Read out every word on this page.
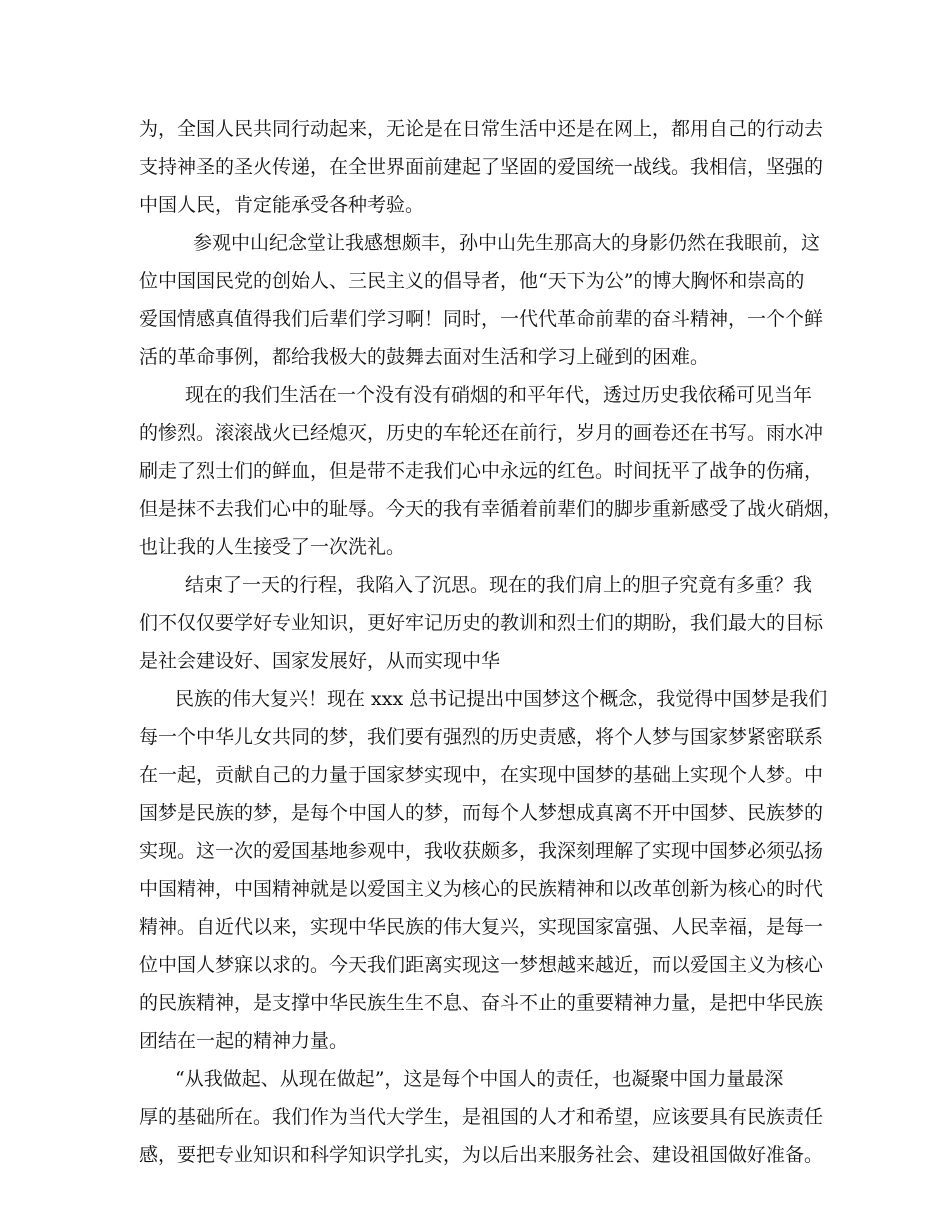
为，全国人民共同行动起来，无论是在日常生活中还是在网上，都用自己的行动去

支持神圣的圣火传递，在全世界面前建起了坚固的爱国统一战线。我相信，坚强的

中国人民，肯定能承受各种考验。

参观中山纪念堂让我感想颇丰，孙中山先生那高大的身影仍然在我眼前，这

位中国国民党的创始人、三民主义的倡导者，他“天下为公”的博大胸怀和崇高的

爱国情感真值得我们后辈们学习啊！同时，一代代革命前辈的奋斗精神，一个个鲜

活的革命事例，都给我极大的鼓舞去面对生活和学习上碰到的困难。

现在的我们生活在一个没有没有硝烟的和平年代，透过历史我依稀可见当年

的惨烈。滚滚战火已经熄灭，历史的车轮还在前行，岁月的画卷还在书写。雨水冲

刷走了烈士们的鲜血，但是带不走我们心中永远的红色。时间抚平了战争的伤痛，

但是抹不去我们心中的耻辱。今天的我有幸循着前辈们的脚步重新感受了战火硝烟，

也让我的人生接受了一次洗礼。

结束了一天的行程，我陷入了沉思。现在的我们肩上的胆子究竟有多重？我

们不仅仅要学好专业知识，更好牢记历史的教训和烈士们的期盼，我们最大的目标

是社会建设好、国家发展好，从而实现中华

民族的伟大复兴！现在 xxx 总书记提出中国梦这个概念，我觉得中国梦是我们

每一个中华儿女共同的梦，我们要有强烈的历史责感，将个人梦与国家梦紧密联系

在一起，贡献自己的力量于国家梦实现中，在实现中国梦的基础上实现个人梦。中

国梦是民族的梦，是每个中国人的梦，而每个人梦想成真离不开中国梦、民族梦的

实现。这一次的爱国基地参观中，我收获颇多，我深刻理解了实现中国梦必须弘扬

中国精神，中国精神就是以爱国主义为核心的民族精神和以改革创新为核心的时代

精神。自近代以来，实现中华民族的伟大复兴，实现国家富强、人民幸福，是每一

位中国人梦寐以求的。今天我们距离实现这一梦想越来越近，而以爱国主义为核心

的民族精神，是支撑中华民族生生不息、奋斗不止的重要精神力量，是把中华民族

团结在一起的精神力量。

“从我做起、从现在做起”，这是每个中国人的责任，也凝聚中国力量最深

厚的基础所在。我们作为当代大学生，是祖国的人才和希望，应该要具有民族责任

感，要把专业知识和科学知识学扎实，为以后出来服务社会、建设祖国做好准备。
